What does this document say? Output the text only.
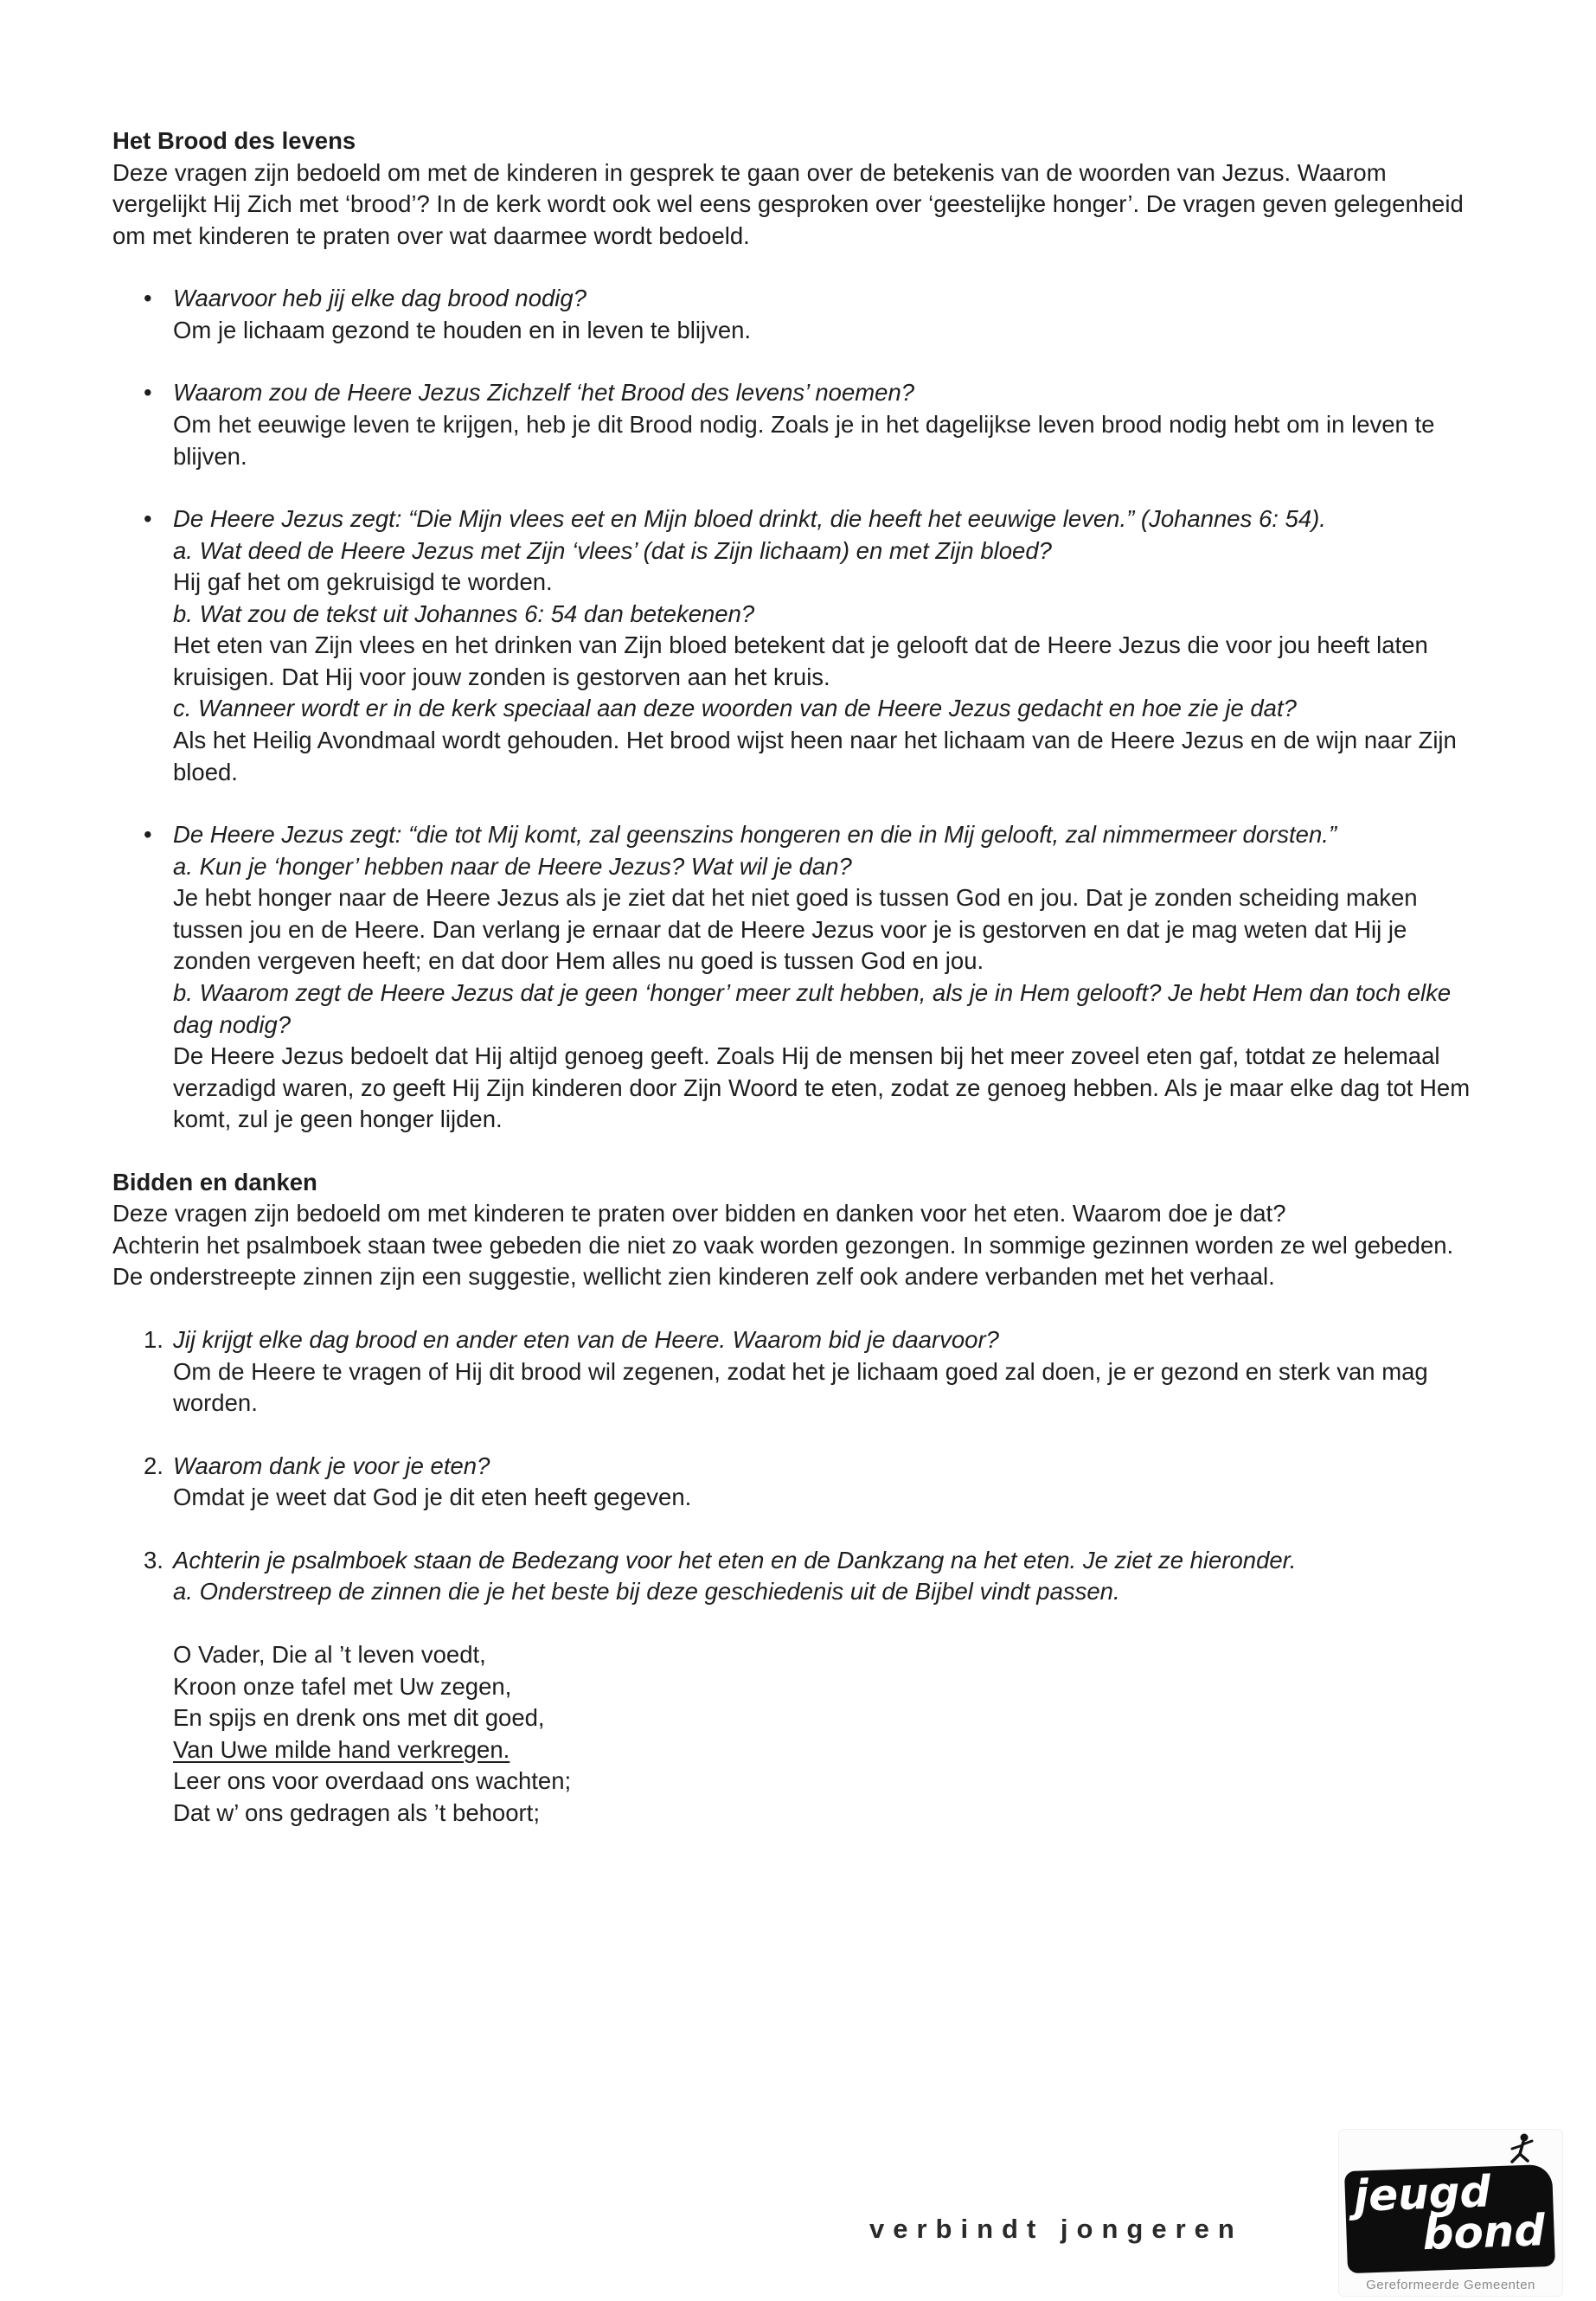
Het Brood des levens

Deze vragen zijn bedoeld om met de kinderen in gesprek te gaan over de betekenis van de woorden van Jezus. Waarom vergelijkt Hij Zich met ‘brood’? In de kerk wordt ook wel eens gesproken over ‘geestelijke honger’. De vragen geven gelegenheid om met kinderen te praten over wat daarmee wordt bedoeld.

• Waarvoor heb jij elke dag brood nodig?

Om je lichaam gezond te houden en in leven te blijven.

• Waarom zou de Heere Jezus Zichzelf ‘het Brood des levens’ noemen?

Om het eeuwige leven te krijgen, heb je dit Brood nodig. Zoals je in het dagelijkse leven brood nodig hebt om in leven te blijven.

• De Heere Jezus zegt: “Die Mijn vlees eet en Mijn bloed drinkt, die heeft het eeuwige leven.” (Johannes 6: 54).

a. Wat deed de Heere Jezus met Zijn ‘vlees’ (dat is Zijn lichaam) en met Zijn bloed?

Hij gaf het om gekruisigd te worden.

b. Wat zou de tekst uit Johannes 6: 54 dan betekenen?

Het eten van Zijn vlees en het drinken van Zijn bloed betekent dat je gelooft dat de Heere Jezus die voor jou heeft laten kruisigen. Dat Hij voor jouw zonden is gestorven aan het kruis.

c. Wanneer wordt er in de kerk speciaal aan deze woorden van de Heere Jezus gedacht en hoe zie je dat?

Als het Heilig Avondmaal wordt gehouden. Het brood wijst heen naar het lichaam van de Heere Jezus en de wijn naar Zijn bloed.

• De Heere Jezus zegt: “die tot Mij komt, zal geenszins hongeren en die in Mij gelooft, zal nimmermeer dorsten.”

a. Kun je ‘honger’ hebben naar de Heere Jezus? Wat wil je dan?

Je hebt honger naar de Heere Jezus als je ziet dat het niet goed is tussen God en jou. Dat je zonden scheiding maken tussen jou en de Heere. Dan verlang je ernaar dat de Heere Jezus voor je is gestorven en dat je mag weten dat Hij je zonden vergeven heeft; en dat door Hem alles nu goed is tussen God en jou.

b. Waarom zegt de Heere Jezus dat je geen ‘honger’ meer zult hebben, als je in Hem gelooft? Je hebt Hem dan toch elke dag nodig?

De Heere Jezus bedoelt dat Hij altijd genoeg geeft. Zoals Hij de mensen bij het meer zoveel eten gaf, totdat ze helemaal verzadigd waren, zo geeft Hij Zijn kinderen door Zijn Woord te eten, zodat ze genoeg hebben. Als je maar elke dag tot Hem komt, zul je geen honger lijden.

Bidden en danken

Deze vragen zijn bedoeld om met kinderen te praten over bidden en danken voor het eten. Waarom doe je dat?

Achterin het psalmboek staan twee gebeden die niet zo vaak worden gezongen. In sommige gezinnen worden ze wel gebeden. De onderstreepte zinnen zijn een suggestie, wellicht zien kinderen zelf ook andere verbanden met het verhaal.

1. Jij krijgt elke dag brood en ander eten van de Heere. Waarom bid je daarvoor?

Om de Heere te vragen of Hij dit brood wil zegenen, zodat het je lichaam goed zal doen, je er gezond en sterk van mag worden.

2. Waarom dank je voor je eten?

Omdat je weet dat God je dit eten heeft gegeven.

3. Achterin je psalmboek staan de Bedezang voor het eten en de Dankzang na het eten. Je ziet ze hieronder.

a. Onderstreep de zinnen die je het beste bij deze geschiedenis uit de Bijbel vindt passen.

O Vader, Die al ’t leven voedt,

Kroon onze tafel met Uw zegen,

En spijs en drenk ons met dit goed,

Van Uwe milde hand verkregen.

Leer ons voor overdaad ons wachten;

Dat w’ ons gedragen als ’t behoort;

verbindt jongeren
jeugd
bond
Gereformeerde Gemeenten
